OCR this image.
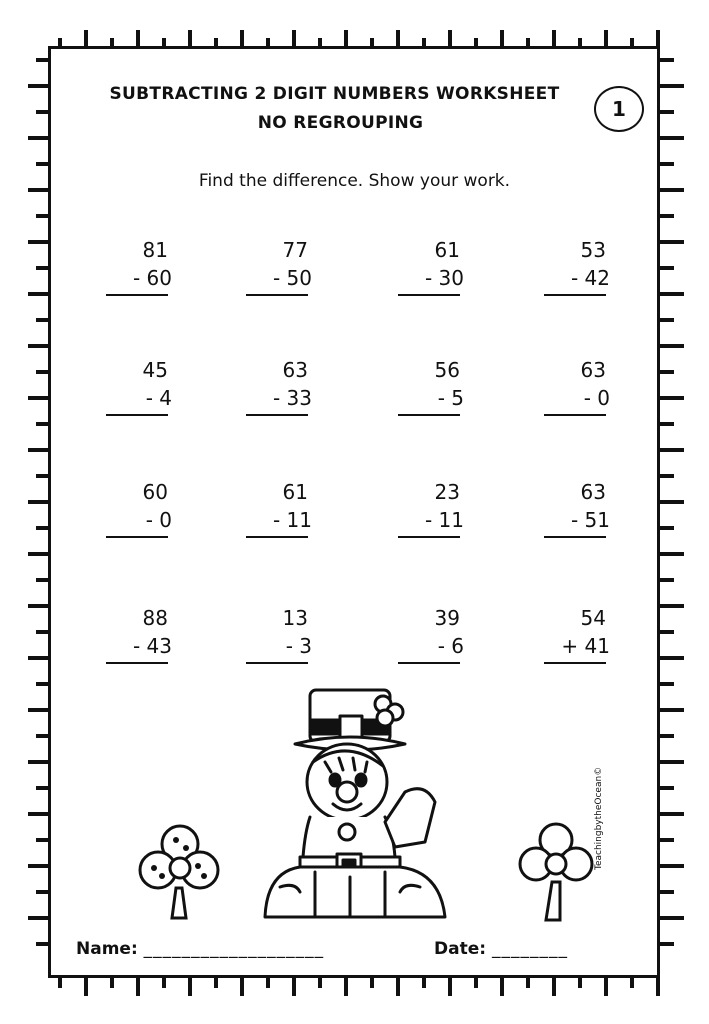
SUBTRACTING 2 DIGIT NUMBERS WORKSHEET
NO REGROUPING
1
Find the difference. Show your work.
81
- 60
77
- 50
61
- 30
53
- 42
45
- 4
63
- 33
56
- 5
63
- 0
60
- 0
61
- 11
23
- 11
63
- 51
88
- 43
13
- 3
39
- 6
54
+ 41
Name: ___________________	Date: ________
TeachingbytheOcean©
